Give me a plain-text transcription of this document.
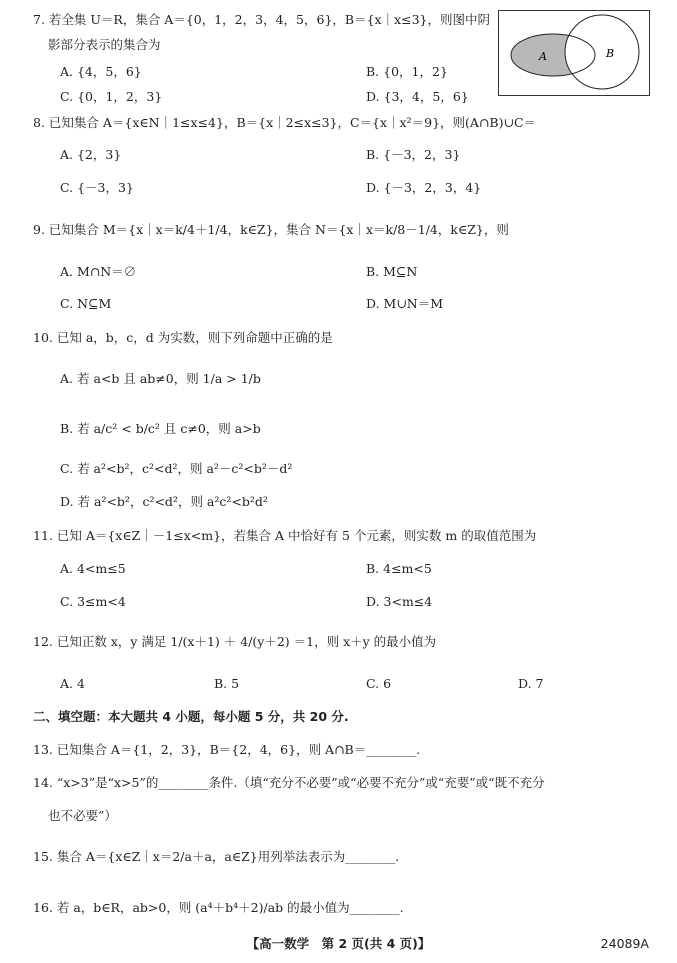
7. 若全集 U＝R，集合 A＝{0，1，2，3，4，5，6}，B＝{x｜x≤3}，则图中阴
影部分表示的集合为
A. {4，5，6}	B. {0，1，2}
C. {0，1，2，3}	D. {3，4，5，6}
A	B
8. 已知集合 A＝{x∈N｜1≤x≤4}，B＝{x｜2≤x≤3}，C＝{x｜x²＝9}，则(A∩B)∪C＝
A. {2，3}	B. {－3，2，3}
C. {－3，3}	D. {－3，2，3，4}
9. 已知集合 M＝{x｜x＝k/4＋1/4，k∈Z}，集合 N＝{x｜x＝k/8－1/4，k∈Z}，则
A. M∩N＝∅	B. M⊆N
C. N⊆M	D. M∪N＝M
10. 已知 a，b，c，d 为实数，则下列命题中正确的是
A. 若 a<b 且 ab≠0，则 1/a > 1/b
B. 若 a/c² < b/c² 且 c≠0，则 a>b
C. 若 a²<b²，c²<d²，则 a²－c²<b²－d²
D. 若 a²<b²，c²<d²，则 a²c²<b²d²
11. 已知 A＝{x∈Z｜－1≤x<m}，若集合 A 中恰好有 5 个元素，则实数 m 的取值范围为
A. 4<m≤5	B. 4≤m<5
C. 3≤m<4	D. 3<m≤4
12. 已知正数 x，y 满足 1/(x＋1) ＋ 4/(y＋2) ＝1，则 x＋y 的最小值为
A. 4	B. 5	C. 6	D. 7
二、填空题：本大题共 4 小题，每小题 5 分，共 20 分.
13. 已知集合 A＝{1，2，3}，B＝{2，4，6}，则 A∩B＝________.
14. “x>3”是“x>5”的________条件.（填“充分不必要”或“必要不充分”或“充要”或“既不充分
也不必要”）
15. 集合 A＝{x∈Z｜x＝2/a＋a，a∈Z}用列举法表示为________.
16. 若 a，b∈R，ab>0，则 (a⁴＋b⁴＋2)/ab 的最小值为________.
【高一数学　第 2 页(共 4 页)】	24089A
